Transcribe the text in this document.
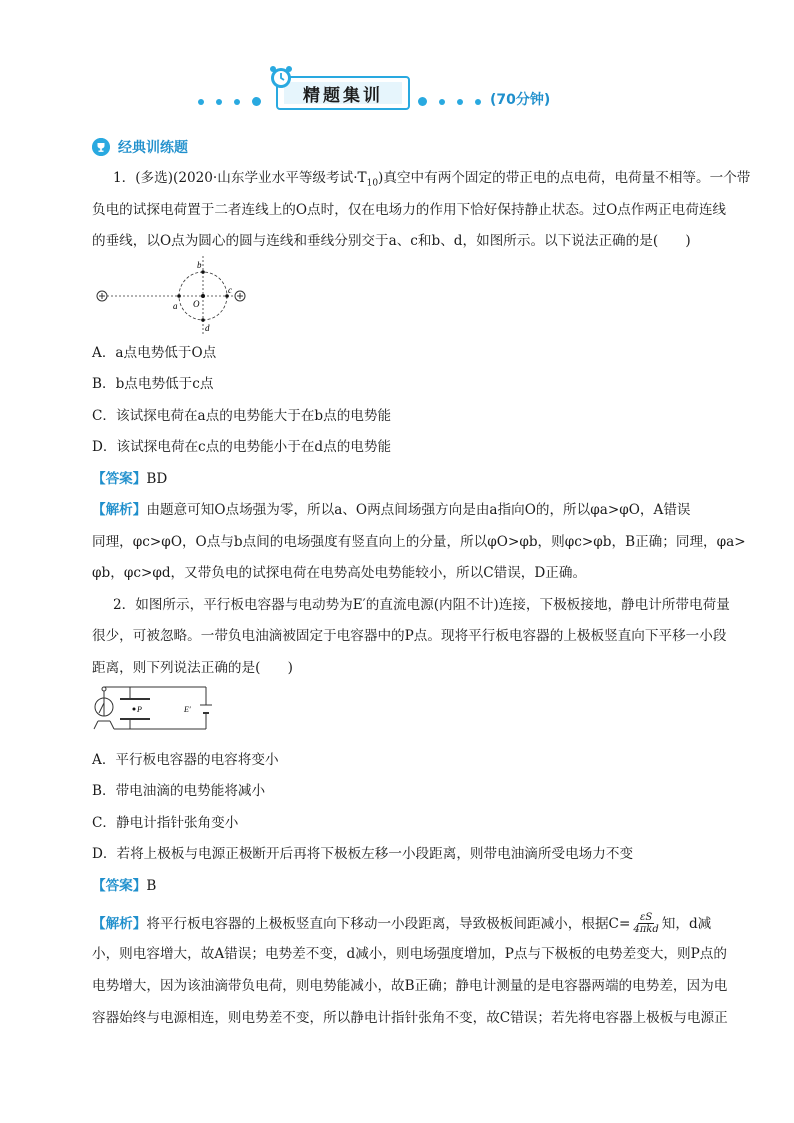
精题集训	(70分钟)
经典训练题
1．(多选)(2020·山东学业水平等级考试$\cdot T_{10}$)真空中有两个固定的带正电的点电荷，电荷量不相等。一个带
负电的试探电荷置于二者连线上的O点时，仅在电场力的作用下恰好保持静止状态。过O点作两正电荷连线
的垂线，以O点为圆心的圆与连线和垂线分别交于a、c和b、d，如图所示。以下说法正确的是(　　)
a
b
c
d
O
A．a点电势低于O点
B．b点电势低于c点
C．该试探电荷在a点的电势能大于在b点的电势能
D．该试探电荷在c点的电势能小于在d点的电势能
【答案】BD
【解析】由题意可知O点场强为零，所以a、O两点间场强方向是由a指向O的，所以φa>φO，A错误
同理，φc>φO，O点与b点间的电场强度有竖直向上的分量，所以φO>φb，则φc>φb，B正确；同理，φa>
φb，φc>φd，又带负电的试探电荷在电势高处电势能较小，所以C错误，D正确。
2．如图所示，平行板电容器与电动势为E′的直流电源(内阻不计)连接，下极板接地，静电计所带电荷量
很少，可被忽略。一带负电油滴被固定于电容器中的P点。现将平行板电容器的上极板竖直向下平移一小段
距离，则下列说法正确的是(　　)
P	E′
A．平行板电容器的电容将变小
B．带电油滴的电势能将减小
C．静电计指针张角变小
D．若将上极板与电源正极断开后再将下极板左移一小段距离，则带电油滴所受电场力不变
【答案】B
【解析】 将平行板电容器的上极板竖直向下移动一小段距离，导致极板间距减小，根据C= εS
4πkd 知，d减
小，则电容增大，故A错误；电势差不变，d减小，则电场强度增加，P点与下极板的电势差变大，则P点的
电势增大，因为该油滴带负电荷，则电势能减小，故B正确；静电计测量的是电容器两端的电势差，因为电
容器始终与电源相连，则电势差不变，所以静电计指针张角不变，故C错误；若先将电容器上极板与电源正
